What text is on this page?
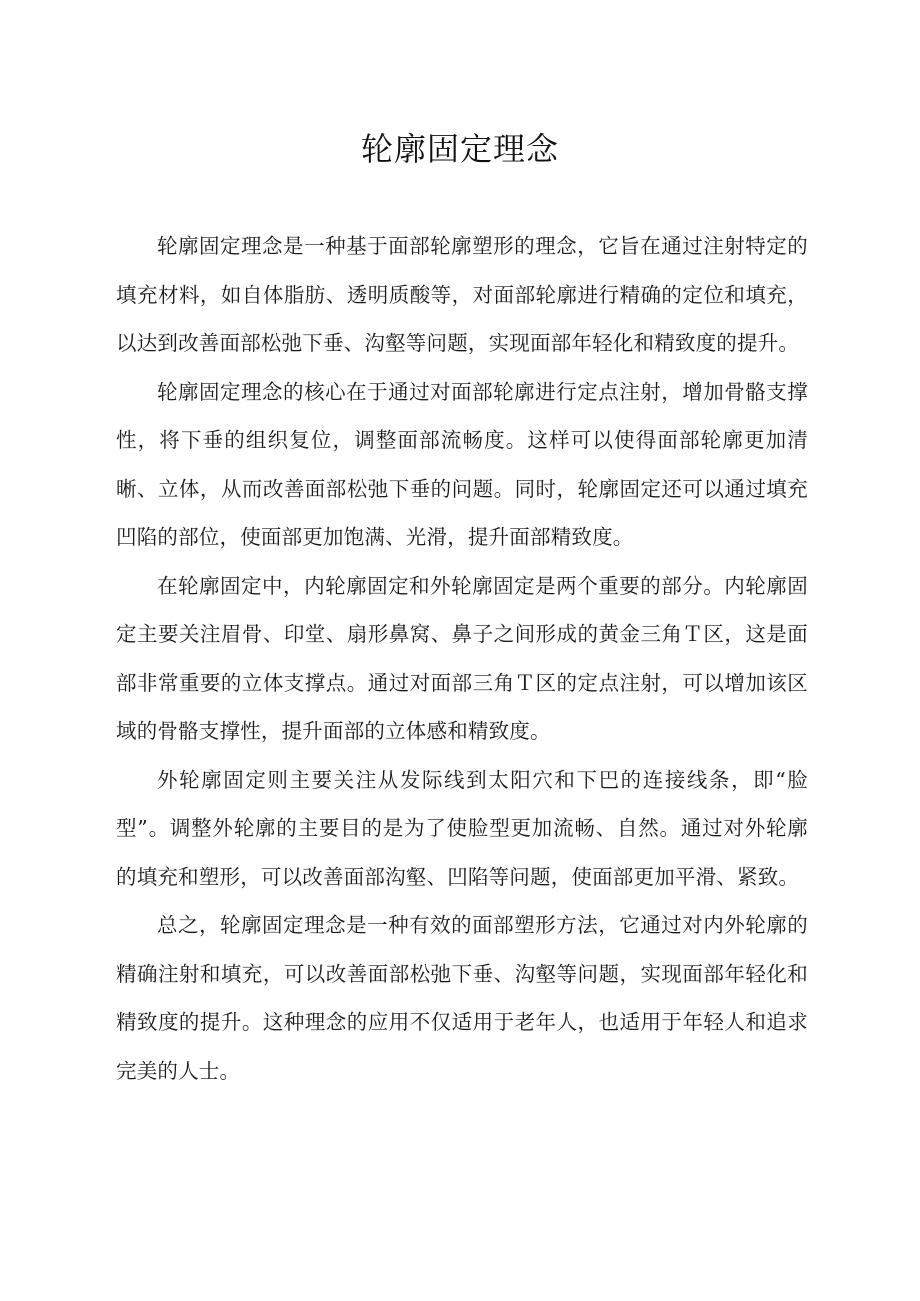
轮廓固定理念

轮廓固定理念是一种基于面部轮廓塑形的理念，它旨在通过注射特定的填充材料，如自体脂肪、透明质酸等，对面部轮廓进行精确的定位和填充，以达到改善面部松弛下垂、沟壑等问题，实现面部年轻化和精致度的提升。

轮廓固定理念的核心在于通过对面部轮廓进行定点注射，增加骨骼支撑性，将下垂的组织复位，调整面部流畅度。这样可以使得面部轮廓更加清晰、立体，从而改善面部松弛下垂的问题。同时，轮廓固定还可以通过填充凹陷的部位，使面部更加饱满、光滑，提升面部精致度。

在轮廓固定中，内轮廓固定和外轮廓固定是两个重要的部分。内轮廓固定主要关注眉骨、印堂、扇形鼻窝、鼻子之间形成的黄金三角Ｔ区，这是面部非常重要的立体支撑点。通过对面部三角Ｔ区的定点注射，可以增加该区域的骨骼支撑性，提升面部的立体感和精致度。

外轮廓固定则主要关注从发际线到太阳穴和下巴的连接线条，即“脸型”。调整外轮廓的主要目的是为了使脸型更加流畅、自然。通过对外轮廓的填充和塑形，可以改善面部沟壑、凹陷等问题，使面部更加平滑、紧致。

总之，轮廓固定理念是一种有效的面部塑形方法，它通过对内外轮廓的精确注射和填充，可以改善面部松弛下垂、沟壑等问题，实现面部年轻化和精致度的提升。这种理念的应用不仅适用于老年人，也适用于年轻人和追求完美的人士。
